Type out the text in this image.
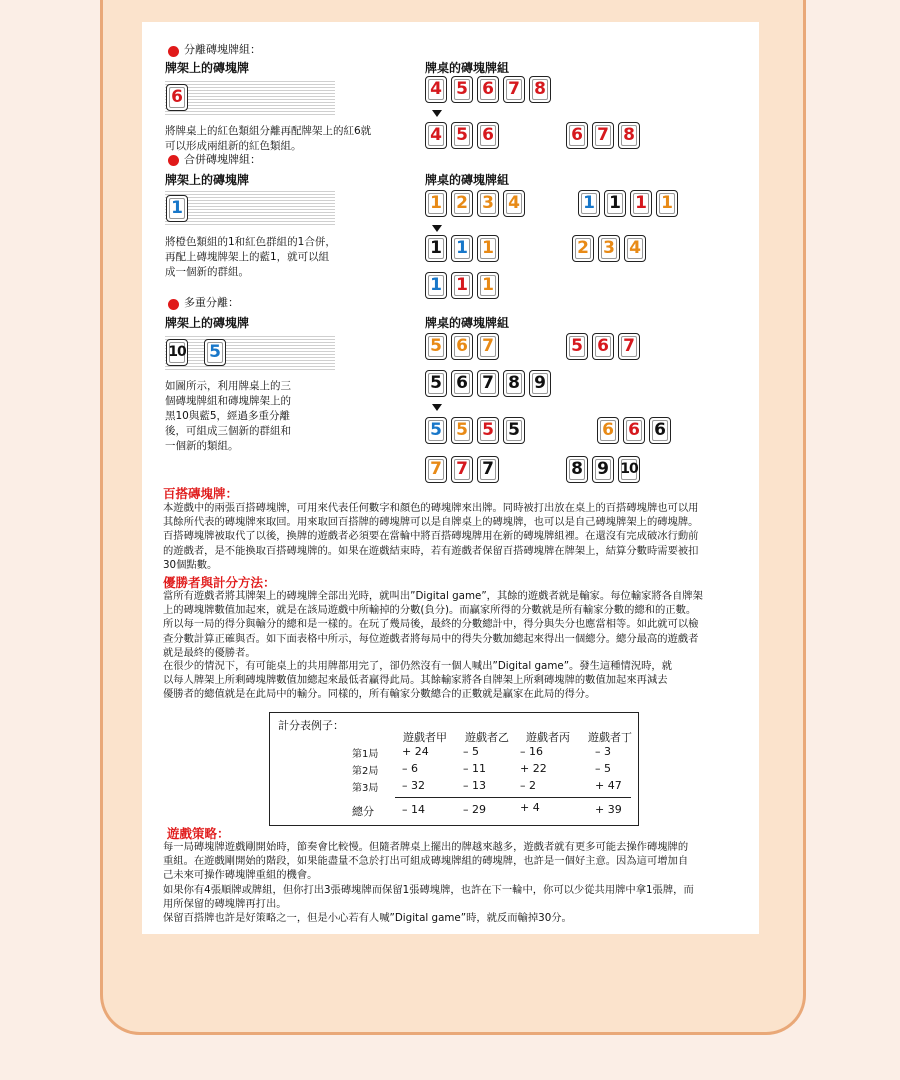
分離磚塊牌組：
牌架上的磚塊牌
6
將牌桌上的紅色類組分離再配牌架上的紅6就
可以形成兩組新的紅色類組。
牌桌的磚塊牌組
4 5 6 7 8
4 5 6	6 7 8
合併磚塊牌組：
牌架上的磚塊牌
1
將橙色類組的1和紅色群組的1合併，
再配上磚塊牌架上的藍1，就可以組
成一個新的群組。
牌桌的磚塊牌組
1 2 3 4	1 1 1 1
1 1 1	2 3 4
1 1 1
多重分離：
牌架上的磚塊牌
10 5
如圖所示，利用牌桌上的三
個磚塊牌組和磚塊牌架上的
黑10與藍5，經過多重分離
後，可組成三個新的群組和
一個新的類組。
牌桌的磚塊牌組
5 6 7	5 6 7
5 6 7 8 9
5 5 5 5	6 6 6
7 7 7	8 9 10
百搭磚塊牌：
本遊戲中的兩張百搭磚塊牌，可用來代表任何數字和顏色的磚塊牌來出牌。同時被打出放在桌上的百搭磚塊牌也可以用
其餘所代表的磚塊牌來取回。用來取回百搭牌的磚塊牌可以是自牌桌上的磚塊牌，也可以是自己磚塊牌架上的磚塊牌。
百搭磚塊牌被取代了以後，換牌的遊戲者必須要在當輪中將百搭磚塊牌用在新的磚塊牌組裡。在還沒有完成破冰行動前
的遊戲者，是不能換取百搭磚塊牌的。如果在遊戲結束時，若有遊戲者保留百搭磚塊牌在牌架上，結算分數時需要被扣
30個點數。
優勝者與計分方法：
當所有遊戲者將其牌架上的磚塊牌全部出光時，就叫出”Digital game”，其餘的遊戲者就是輸家。每位輸家將各自牌架
上的磚塊牌數值加起來，就是在該局遊戲中所輸掉的分數(負分)。而贏家所得的分數就是所有輸家分數的總和的正數。
所以每一局的得分與輸分的總和是一樣的。在玩了幾局後，最終的分數總計中，得分與失分也應當相等。如此就可以檢
查分數計算正確與否。如下面表格中所示，每位遊戲者將每局中的得失分數加總起來得出一個總分。總分最高的遊戲者
就是最終的優勝者。
在很少的情況下，有可能桌上的共用牌都用完了，卻仍然沒有一個人喊出”Digital game”。發生這種情況時，就
以每人牌架上所剩磚塊牌數值加總起來最低者贏得此局。其餘輸家將各自牌架上所剩磚塊牌的數值加起來再減去
優勝者的總值就是在此局中的輸分。同樣的，所有輸家分數總合的正數就是贏家在此局的得分。
計分表例子：
遊戲者甲	遊戲者乙	遊戲者丙	遊戲者丁
第1局 + 24	– 5	– 16	– 3
第2局 – 6	– 11	+ 22	– 5
第3局 – 32	– 13	– 2	+ 47
總分	– 14	– 29	+ 4	+ 39
遊戲策略：
每一局磚塊牌遊戲剛開始時，節奏會比較慢。但隨者牌桌上擺出的牌越來越多，遊戲者就有更多可能去操作磚塊牌的
重組。在遊戲剛開始的階段，如果能盡量不急於打出可組成磚塊牌組的磚塊牌，也許是一個好主意。因為這可增加自
己未來可操作磚塊牌重組的機會。
如果你有4張順牌或牌組，但你打出3張磚塊牌而保留1張磚塊牌，也許在下一輪中，你可以少從共用牌中拿1張牌，而
用所保留的磚塊牌再打出。
保留百搭牌也許是好策略之一，但是小心若有人喊”Digital game”時，就反而輸掉30分。
